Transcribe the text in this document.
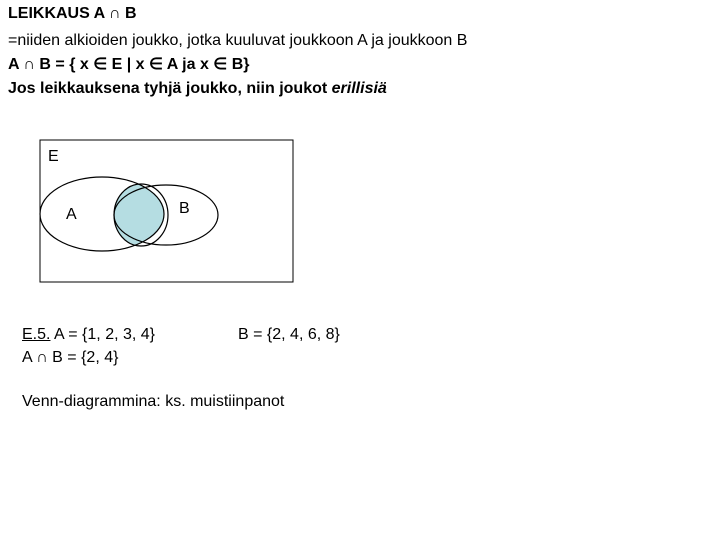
LEIKKAUS A ∩ B
=niiden alkioiden joukko, jotka kuuluvat joukkoon A ja joukkoon B
A ∩ B = { x ∈ E | x ∈ A ja x ∈ B}
Jos leikkauksena tyhjä joukko, niin joukot erillisiä
E
A	B
E.5. A = {1, 2, 3, 4}	B = {2, 4, 6, 8}
A ∩ B = {2, 4}
Venn-diagrammina: ks. muistiinpanot
